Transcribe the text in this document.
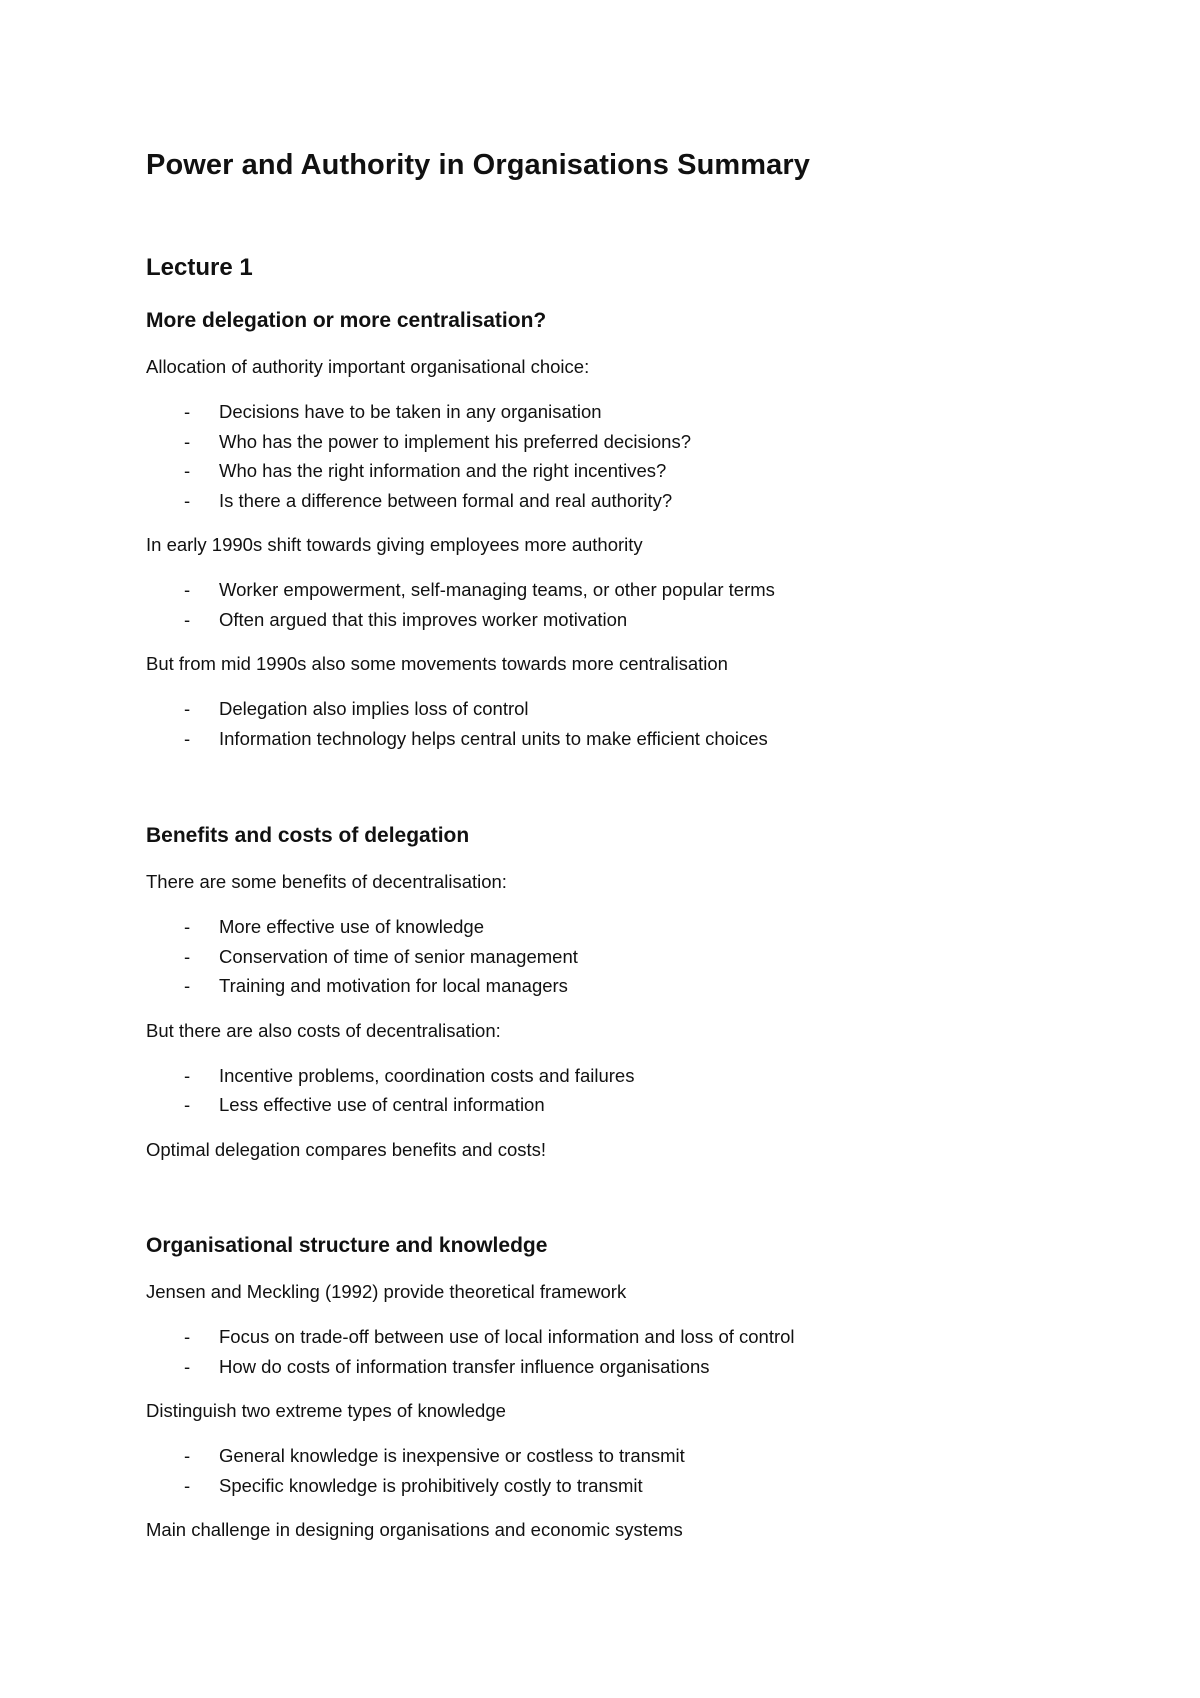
Power and Authority in Organisations Summary
Lecture 1
More delegation or more centralisation?

Allocation of authority important organisational choice:

- Decisions have to be taken in any organisation
- Who has the power to implement his preferred decisions?
- Who has the right information and the right incentives?
- Is there a difference between formal and real authority?

In early 1990s shift towards giving employees more authority

- Worker empowerment, self-managing teams, or other popular terms
- Often argued that this improves worker motivation

But from mid 1990s also some movements towards more centralisation

- Delegation also implies loss of control
- Information technology helps central units to make efficient choices
Benefits and costs of delegation

There are some benefits of decentralisation:

- More effective use of knowledge
- Conservation of time of senior management
- Training and motivation for local managers

But there are also costs of decentralisation:

- Incentive problems, coordination costs and failures
- Less effective use of central information

Optimal delegation compares benefits and costs!

Organisational structure and knowledge

Jensen and Meckling (1992) provide theoretical framework

- Focus on trade-off between use of local information and loss of control
- How do costs of information transfer influence organisations

Distinguish two extreme types of knowledge

- General knowledge is inexpensive or costless to transmit
- Specific knowledge is prohibitively costly to transmit

Main challenge in designing organisations and economic systems
